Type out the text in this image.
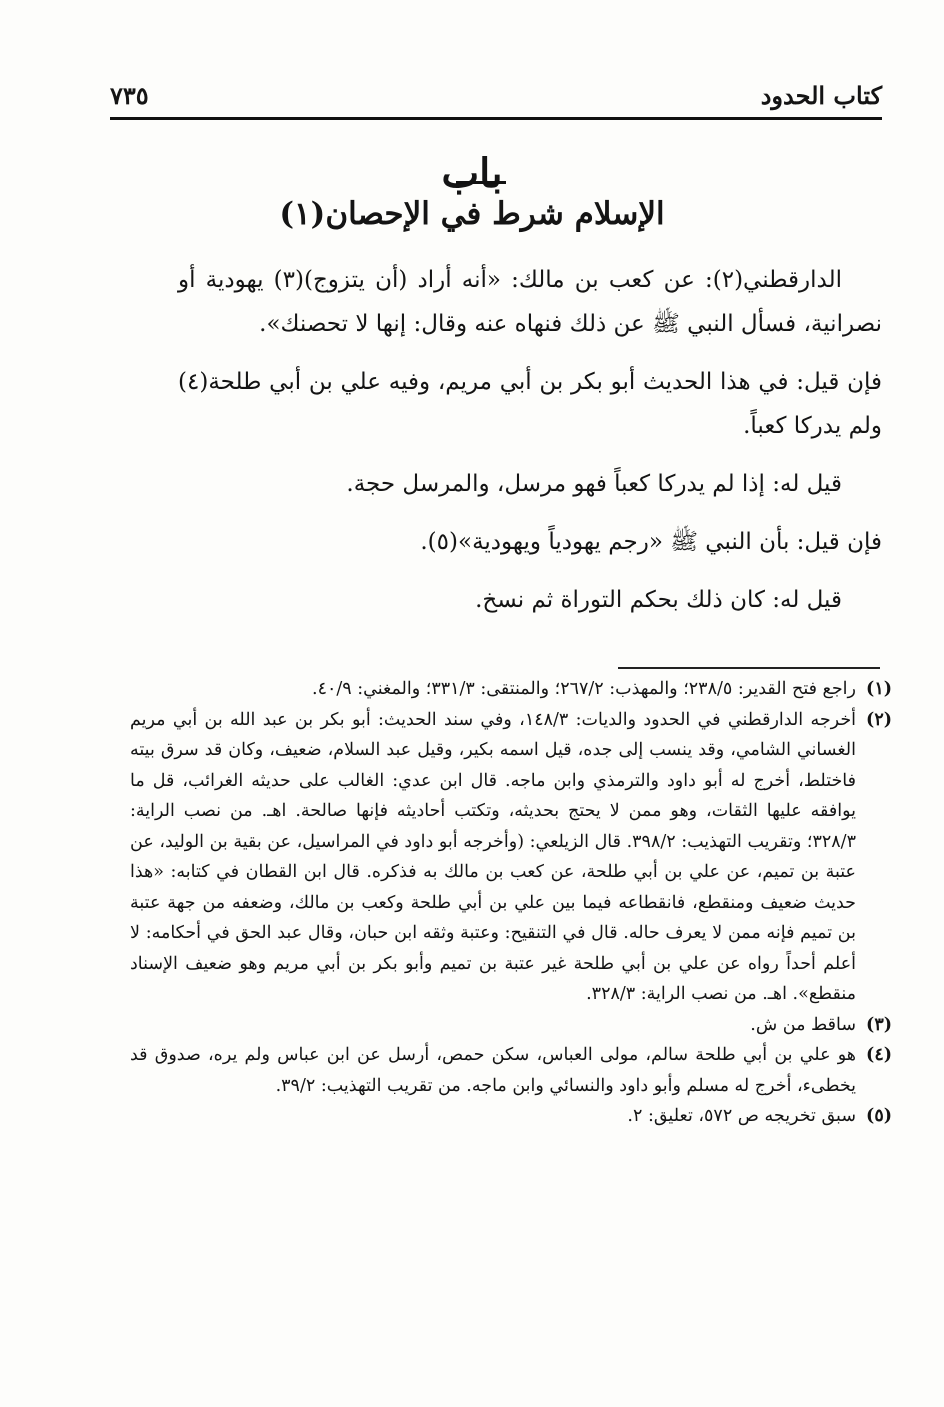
٧٣٥	كتاب الحدود
باب
الإسلام شرط في الإحصان(١)

الدارقطني(٢): عن كعب بن مالك: «أنه أراد (أن يتزوج)(٣) يهودية أو نصرانية، فسأل النبي ﷺ عن ذلك فنهاه عنه وقال: إنها لا تحصنك».

فإن قيل: في هذا الحديث أبو بكر بن أبي مريم، وفيه علي بن أبي طلحة(٤) ولم يدركا كعباً.

قيل له: إذا لم يدركا كعباً فهو مرسل، والمرسل حجة.

فإن قيل: بأن النبي ﷺ «رجم يهودياً ويهودية»(٥).

قيل له: كان ذلك بحكم التوراة ثم نسخ.

(١)
راجع فتح القدير: ٢٣٨/٥؛ والمهذب: ٢٦٧/٢؛ والمنتقى: ٣٣١/٣؛ والمغني: ٤٠/٩.
(٢)
أخرجه الدارقطني في الحدود والديات: ١٤٨/٣، وفي سند الحديث: أبو بكر بن عبد الله بن أبي مريم الغساني الشامي، وقد ينسب إلى جده، قيل اسمه بكير، وقيل عبد السلام، ضعيف، وكان قد سرق بيته فاختلط، أخرج له أبو داود والترمذي وابن ماجه. قال ابن عدي: الغالب على حديثه الغرائب، قل ما يوافقه عليها الثقات، وهو ممن لا يحتج بحديثه، وتكتب أحاديثه فإنها صالحة. اهـ. من نصب الراية: ٣٢٨/٣؛ وتقريب التهذيب: ٣٩٨/٢. قال الزيلعي: (وأخرجه أبو داود في المراسيل، عن بقية بن الوليد، عن عتبة بن تميم، عن علي بن أبي طلحة، عن كعب بن مالك به فذكره. قال ابن القطان في كتابه: «هذا حديث ضعيف ومنقطع، فانقطاعه فيما بين علي بن أبي طلحة وكعب بن مالك، وضعفه من جهة عتبة بن تميم فإنه ممن لا يعرف حاله. قال في التنقيح: وعتبة وثقه ابن حبان، وقال عبد الحق في أحكامه: لا أعلم أحداً رواه عن علي بن أبي طلحة غير عتبة بن تميم وأبو بكر بن أبي مريم وهو ضعيف الإسناد منقطع». اهـ. من نصب الراية: ٣٢٨/٣.
(٣)
ساقط من ش.
(٤)
هو علي بن أبي طلحة سالم، مولى العباس، سكن حمص، أرسل عن ابن عباس ولم يره، صدوق قد يخطىء، أخرج له مسلم وأبو داود والنسائي وابن ماجه. من تقريب التهذيب: ٣٩/٢.
(٥)
سبق تخريجه ص ٥٧٢، تعليق: ٢.
